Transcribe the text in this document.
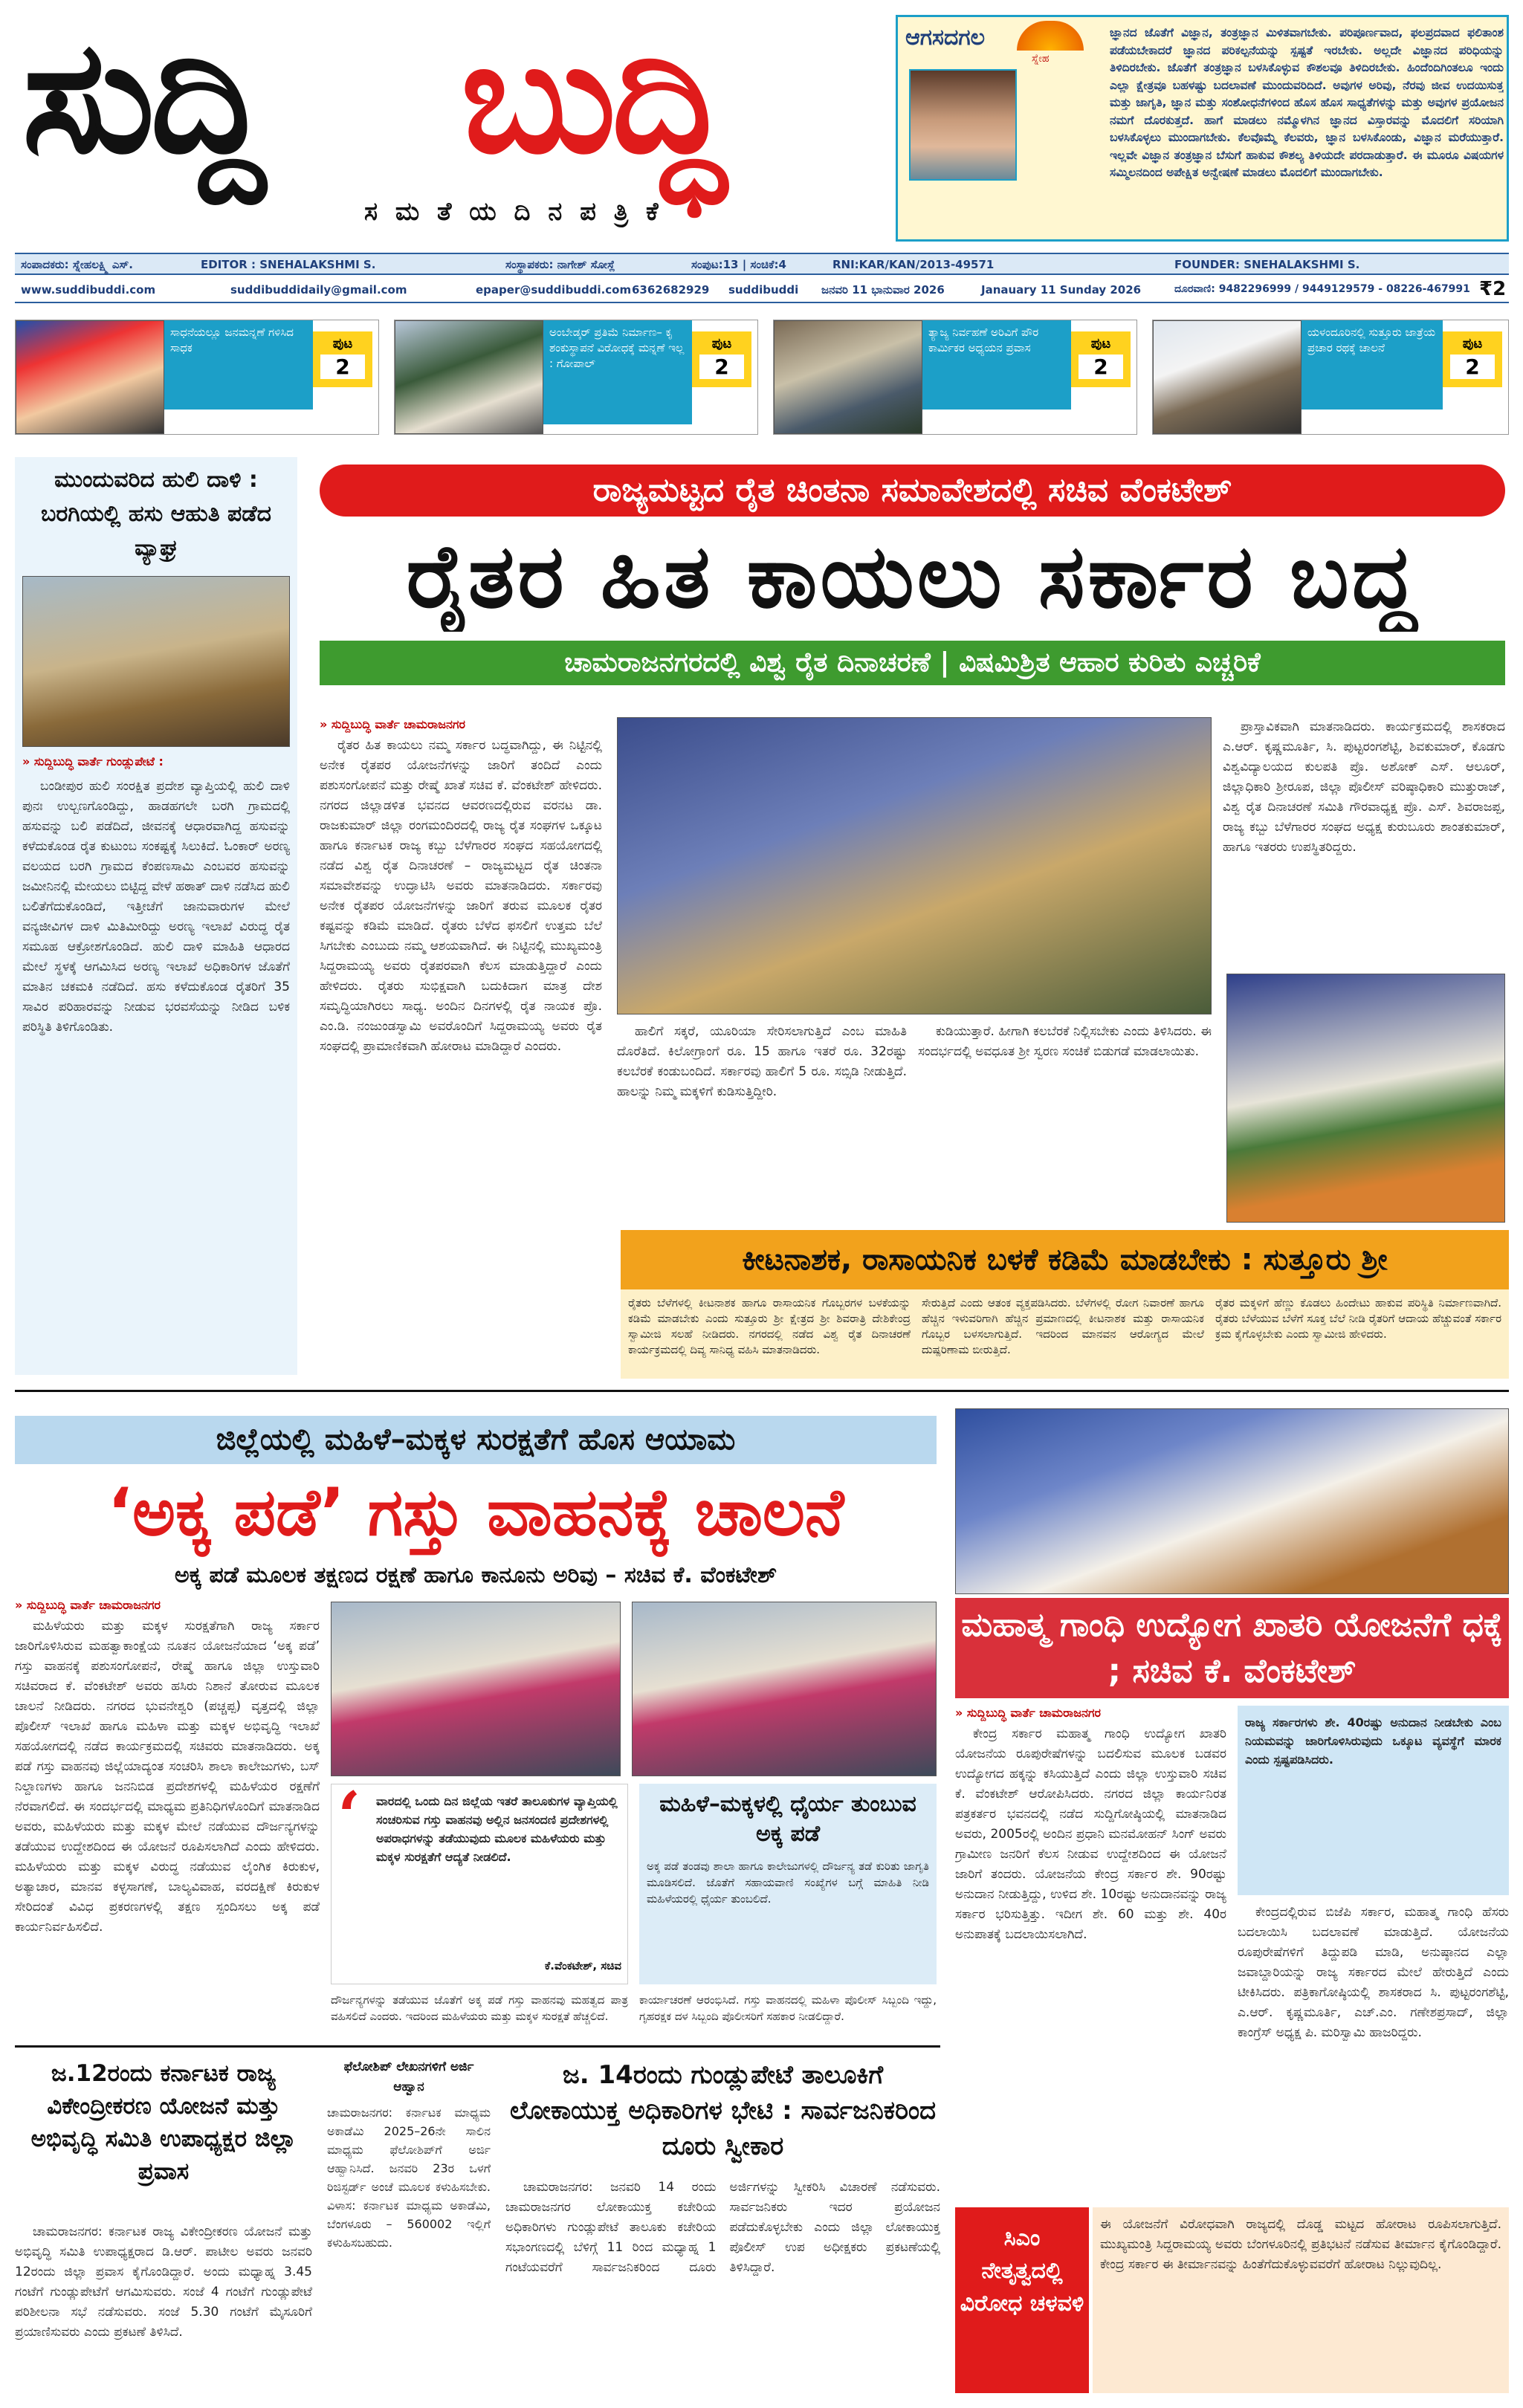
ಸುದ್ದಿ ಬುದ್ಧಿ
ಸ ಮ ತೆ ಯ ದಿ ನ ಪ ತ್ರಿ ಕೆ
ಆಗಸದಗಲ
ಸ್ನೇಹ
ಜ್ಞಾನದ ಜೊತೆಗೆ ವಿಜ್ಞಾನ, ತಂತ್ರಜ್ಞಾನ ಮಿಳಿತವಾಗಬೇಕು. ಪರಿಪೂರ್ಣವಾದ, ಫಲಪ್ರದವಾದ ಫಲಿತಾಂಶ ಪಡೆಯಬೇಕಾದರೆ ಜ್ಞಾನದ ಪರಿಕಲ್ಪನೆಯನ್ನು ಸ್ಪಷ್ಟತೆ ಇರಬೇಕು. ಅಲ್ಲದೇ ವಿಜ್ಞಾನದ ಪರಿಧಿಯನ್ನು ತಿಳಿದಿರಬೇಕು. ಜೊತೆಗೆ ತಂತ್ರಜ್ಞಾನ ಬಳಸಿಕೊಳ್ಳುವ ಕೌಶಲವೂ ತಿಳಿದಿರಬೇಕು. ಹಿಂದೆಂದಿಗಿಂತಲೂ ಇಂದು ಎಲ್ಲಾ ಕ್ಷೇತ್ರವೂ ಬಹಳಷ್ಟು ಬದಲಾವಣೆ ಮುಂದುವರಿದಿದೆ. ಅವುಗಳ ಅರಿವು, ನೆರವು ಜೀವ ಉದಯಿಸುತ್ತ ಮತ್ತು ಜಾಗೃತಿ, ಜ್ಞಾನ ಮತ್ತು ಸಂಶೋಧನೆಗಳಿಂದ ಹೊಸ ಹೊಸ ಸಾಧ್ಯತೆಗಳನ್ನು ಮತ್ತು ಅವುಗಳ ಪ್ರಯೋಜನ ನಮಗೆ ದೊರಕುತ್ತದೆ. ಹಾಗೆ ಮಾಡಲು ನಮ್ಮೊಳಗಿನ ಜ್ಞಾನದ ವಿಸ್ತಾರವನ್ನು ಮೊದಲಿಗೆ ಸರಿಯಾಗಿ ಬಳಸಿಕೊಳ್ಳಲು ಮುಂದಾಗಬೇಕು. ಕೆಲವೊಮ್ಮೆ ಕೆಲವರು, ಜ್ಞಾನ ಬಳಸಿಕೊಂಡು, ವಿಜ್ಞಾನ ಮರೆಯುತ್ತಾರೆ. ಇಲ್ಲವೇ ವಿಜ್ಞಾನ ತಂತ್ರಜ್ಞಾನ ಬೆಸುಗೆ ಹಾಕುವ ಕೌಶಲ್ಯ ತಿಳಿಯದೇ ಪರದಾಡುತ್ತಾರೆ. ಈ ಮೂರೂ ವಿಷಯಗಳ ಸಮ್ಮಿಲನದಿಂದ ಅಪೇಕ್ಷಿತ ಅನ್ವೇಷಣೆ ಮಾಡಲು ಮೊದಲಿಗೆ ಮುಂದಾಗಬೇಕು.
ಸಂಪಾದಕರು: ಸ್ನೇಹಲಕ್ಷ್ಮಿ ಎಸ್.	EDITOR : SNEHALAKSHMI S.	ಸಂಸ್ಥಾಪಕರು: ನಾಗೇಶ್ ಸೋಸ್ಲೆ	ಸಂಪುಟ:13 | ಸಂಚಿಕೆ:4	RNI:KAR/KAN/2013-49571	FOUNDER: SNEHALAKSHMI S.
www.suddibuddi.com	suddibuddidaily@gmail.com	epaper@suddibuddi.com 6362682929 suddibuddi ಜನವರಿ 11 ಭಾನುವಾರ 2026	Janauary 11 Sunday 2026	ದೂರವಾಣಿ: 9482296999 / 9449129579 - 08226-467991 ₹2
ಸಾಧನೆಯಲ್ಲೂ ಜನಮನ್ನಣೆ ಗಳಿಸಿದ ಸಾಧಕ	ಪುಟ
2
ಅಂಬೇಡ್ಕರ್ ಪ್ರತಿಮೆ ನಿರ್ಮಾಣ– ಕೃ ಶಂಕುಸ್ಥಾಪನೆ ವಿರೋಧಕ್ಕೆ ಮನ್ನಣೆ ಇಲ್ಲ : ಗೋಪಾಲ್
ಪುಟ
2
ತ್ಯಾಜ್ಯ ನಿರ್ವಹಣೆ ಅರಿವಿಗೆ ಪೌರ ಕಾರ್ಮಿಕರ ಅಧ್ಯಯನ ಪ್ರವಾಸ	ಪುಟ
2
ಯಳಂದೂರಿನಲ್ಲಿ ಸುತ್ತೂರು ಜಾತ್ರೆಯ ಪ್ರಚಾರ ರಥಕ್ಕೆ ಚಾಲನೆ	ಪುಟ
2
ಮುಂದುವರಿದ ಹುಲಿ ದಾಳಿ : ಬರಗಿಯಲ್ಲಿ ಹಸು ಆಹುತಿ ಪಡೆದ ವ್ಯಾಘ್ರ
» ಸುದ್ದಿಬುದ್ಧಿ ವಾರ್ತೆ ಗುಂಡ್ಲುಪೇಟೆ :
ಬಂಡೀಪುರ ಹುಲಿ ಸಂರಕ್ಷಿತ ಪ್ರದೇಶ ವ್ಯಾಪ್ತಿಯಲ್ಲಿ ಹುಲಿ ದಾಳಿ ಪುನಃ ಉಲ್ಬಣಗೊಂಡಿದ್ದು, ಹಾಡಹಗಲೇ ಬರಗಿ ಗ್ರಾಮದಲ್ಲಿ ಹಸುವನ್ನು ಬಲಿ ಪಡೆದಿದೆ, ಜೀವನಕ್ಕೆ ಆಧಾರವಾಗಿದ್ದ ಹಸುವನ್ನು ಕಳೆದುಕೊಂಡ ರೈತ ಕುಟುಂಬ ಸಂಕಷ್ಟಕ್ಕೆ ಸಿಲುಕಿದೆ. ಓಂಕಾರ್ ಅರಣ್ಯ ವಲಯದ ಬರಗಿ ಗ್ರಾಮದ ಕೆಂಪಣಸಾಮಿ ಎಂಬವರ ಹಸುವನ್ನು ಜಮೀನಿನಲ್ಲಿ ಮೇಯಲು ಬಿಟ್ಟಿದ್ದ ವೇಳೆ ಹಠಾತ್ ದಾಳಿ ನಡೆಸಿದ ಹುಲಿ ಬಲಿತೆಗೆದುಕೊಂಡಿದೆ, ಇತ್ತೀಚೆಗೆ ಜಾನುವಾರುಗಳ ಮೇಲೆ ವನ್ಯಜೀವಿಗಳ ದಾಳಿ ಮಿತಿಮೀರಿದ್ದು ಅರಣ್ಯ ಇಲಾಖೆ ವಿರುದ್ಧ ರೈತ ಸಮೂಹ ಆಕ್ರೋಶಗೊಂಡಿದೆ. ಹುಲಿ ದಾಳಿ ಮಾಹಿತಿ ಆಧಾರದ ಮೇಲೆ ಸ್ಥಳಕ್ಕೆ ಆಗಮಿಸಿದ ಅರಣ್ಯ ಇಲಾಖೆ ಅಧಿಕಾರಿಗಳ ಜೊತೆಗೆ ಮಾತಿನ ಚಕಮಕಿ ನಡೆದಿದೆ. ಹಸು ಕಳೆದುಕೊಂಡ ರೈತರಿಗೆ 35 ಸಾವಿರ ಪರಿಹಾರವನ್ನು ನೀಡುವ ಭರವಸೆಯನ್ನು ನೀಡಿದ ಬಳಿಕ ಪರಿಸ್ಥಿತಿ ತಿಳಿಗೊಂಡಿತು.
ರಾಜ್ಯಮಟ್ಟದ ರೈತ ಚಿಂತನಾ ಸಮಾವೇಶದಲ್ಲಿ ಸಚಿವ ವೆಂಕಟೇಶ್
ರೈತರ ಹಿತ ಕಾಯಲು ಸರ್ಕಾರ ಬದ್ಧ
ಚಾಮರಾಜನಗರದಲ್ಲಿ ವಿಶ್ವ ರೈತ ದಿನಾಚರಣೆ | ವಿಷಮಿಶ್ರಿತ ಆಹಾರ ಕುರಿತು ಎಚ್ಚರಿಕೆ
» ಸುದ್ದಿಬುದ್ಧಿ ವಾರ್ತೆ ಚಾಮರಾಜನಗರ
ರೈತರ ಹಿತ ಕಾಯಲು ನಮ್ಮ ಸರ್ಕಾರ ಬದ್ಧವಾಗಿದ್ದು, ಈ ನಿಟ್ಟಿನಲ್ಲಿ ಅನೇಕ ರೈತಪರ ಯೋಜನೆಗಳನ್ನು ಜಾರಿಗೆ ತಂದಿದೆ ಎಂದು ಪಶುಸಂಗೋಪನೆ ಮತ್ತು ರೇಷ್ಮೆ ಖಾತೆ ಸಚಿವ ಕೆ. ವೆಂಕಟೇಶ್ ಹೇಳಿದರು. ನಗರದ ಜಿಲ್ಲಾಡಳಿತ ಭವನದ ಆವರಣದಲ್ಲಿರುವ ವರನಟ ಡಾ. ರಾಜಕುಮಾರ್ ಜಿಲ್ಲಾ ರಂಗಮಂದಿರದಲ್ಲಿ ರಾಜ್ಯ ರೈತ ಸಂಘಗಳ ಒಕ್ಕೂಟ ಹಾಗೂ ಕರ್ನಾಟಕ ರಾಜ್ಯ ಕಬ್ಬು ಬೆಳೆಗಾರರ ಸಂಘದ ಸಹಯೋಗದಲ್ಲಿ ನಡೆದ ವಿಶ್ವ ರೈತ ದಿನಾಚರಣೆ – ರಾಜ್ಯಮಟ್ಟದ ರೈತ ಚಿಂತನಾ ಸಮಾವೇಶವನ್ನು ಉದ್ಘಾಟಿಸಿ ಅವರು ಮಾತನಾಡಿದರು. ಸರ್ಕಾರವು ಅನೇಕ ರೈತಪರ ಯೋಜನೆಗಳನ್ನು ಜಾರಿಗೆ ತರುವ ಮೂಲಕ ರೈತರ ಕಷ್ಟವನ್ನು ಕಡಿಮೆ ಮಾಡಿದೆ. ರೈತರು ಬೆಳೆದ ಫಸಲಿಗೆ ಉತ್ತಮ ಬೆಲೆ ಸಿಗಬೇಕು ಎಂಬುದು ನಮ್ಮ ಆಶಯವಾಗಿದೆ. ಈ ನಿಟ್ಟಿನಲ್ಲಿ ಮುಖ್ಯಮಂತ್ರಿ ಸಿದ್ದರಾಮಯ್ಯ ಅವರು ರೈತಪರವಾಗಿ ಕೆಲಸ ಮಾಡುತ್ತಿದ್ದಾರೆ ಎಂದು ಹೇಳಿದರು. ರೈತರು ಸುಭಿಕ್ಷವಾಗಿ ಬದುಕಿದಾಗ ಮಾತ್ರ ದೇಶ ಸಮೃದ್ಧಿಯಾಗಿರಲು ಸಾಧ್ಯ. ಅಂದಿನ ದಿನಗಳಲ್ಲಿ ರೈತ ನಾಯಕ ಪ್ರೊ. ಎಂ.ಡಿ. ನಂಜುಂಡಸ್ವಾಮಿ ಅವರೊಂದಿಗೆ ಸಿದ್ದರಾಮಯ್ಯ ಅವರು ರೈತ ಸಂಘದಲ್ಲಿ ಪ್ರಾಮಾಣಿಕವಾಗಿ ಹೋರಾಟ ಮಾಡಿದ್ದಾರೆ ಎಂದರು.
ಹಾಲಿಗೆ ಸಕ್ಕರೆ, ಯೂರಿಯಾ ಸೇರಿಸಲಾಗುತ್ತಿದೆ ಎಂಬ ಮಾಹಿತಿ ದೊರೆತಿದೆ. ಕಿಲೋಗ್ರಾಂಗೆ ರೂ. 15 ಹಾಗೂ ಇತರೆ ರೂ. 32ರಷ್ಟು ಕಲಬೆರಕೆ ಕಂಡುಬಂದಿದೆ. ಸರ್ಕಾರವು ಹಾಲಿಗೆ 5 ರೂ. ಸಬ್ಸಿಡಿ ನೀಡುತ್ತಿದೆ. ಹಾಲನ್ನು ನಿಮ್ಮ ಮಕ್ಕಳಿಗೆ ಕುಡಿಸುತ್ತಿದ್ದೀರಿ.
ಕುಡಿಯುತ್ತಾರೆ. ಹೀಗಾಗಿ ಕಲಬೆರಕೆ ನಿಲ್ಲಿಸಬೇಕು ಎಂದು ತಿಳಿಸಿದರು. ಈ ಸಂದರ್ಭದಲ್ಲಿ ಅವಧೂತ ಶ್ರೀ ಸ್ವರಣ ಸಂಚಿಕೆ ಬಿಡುಗಡೆ ಮಾಡಲಾಯಿತು.
ಪ್ರಾಸ್ತಾವಿಕವಾಗಿ ಮಾತನಾಡಿದರು. ಕಾರ್ಯಕ್ರಮದಲ್ಲಿ ಶಾಸಕರಾದ ಎ.ಆರ್. ಕೃಷ್ಣಮೂರ್ತಿ, ಸಿ. ಪುಟ್ಟರಂಗಶೆಟ್ಟಿ, ಶಿವಕುಮಾರ್, ಕೊಡಗು ವಿಶ್ವವಿದ್ಯಾಲಯದ ಕುಲಪತಿ ಪ್ರೊ. ಅಶೋಕ್ ಎಸ್. ಆಲೂರ್, ಜಿಲ್ಲಾಧಿಕಾರಿ ಶ್ರೀರೂಪ, ಜಿಲ್ಲಾ ಪೊಲೀಸ್ ವರಿಷ್ಠಾಧಿಕಾರಿ ಮುತ್ತುರಾಜ್, ವಿಶ್ವ ರೈತ ದಿನಾಚರಣೆ ಸಮಿತಿ ಗೌರವಾಧ್ಯಕ್ಷ ಪ್ರೊ. ಎಸ್. ಶಿವರಾಜಪ್ಪ, ರಾಜ್ಯ ಕಬ್ಬು ಬೆಳೆಗಾರರ ಸಂಘದ ಅಧ್ಯಕ್ಷ ಕುರುಬೂರು ಶಾಂತಕುಮಾರ್, ಹಾಗೂ ಇತರರು ಉಪಸ್ಥಿತರಿದ್ದರು.
ಕೀಟನಾಶಕ, ರಾಸಾಯನಿಕ ಬಳಕೆ ಕಡಿಮೆ ಮಾಡಬೇಕು : ಸುತ್ತೂರು ಶ್ರೀ
ರೈತರು ಬೆಳೆಗಳಲ್ಲಿ ಕೀಟನಾಶಕ ಹಾಗೂ ರಾಸಾಯನಿಕ ಗೊಬ್ಬರಗಳ ಬಳಕೆಯನ್ನು ಕಡಿಮೆ ಮಾಡಬೇಕು ಎಂದು ಸುತ್ತೂರು ಶ್ರೀ ಕ್ಷೇತ್ರದ ಶ್ರೀ ಶಿವರಾತ್ರಿ ದೇಶಿಕೇಂದ್ರ ಸ್ವಾಮೀಜಿ ಸಲಹೆ ನೀಡಿದರು. ನಗರದಲ್ಲಿ ನಡೆದ ವಿಶ್ವ ರೈತ ದಿನಾಚರಣೆ ಕಾರ್ಯಕ್ರಮದಲ್ಲಿ ದಿವ್ಯ ಸಾನಿಧ್ಯ ವಹಿಸಿ ಮಾತನಾಡಿದರು.
ಸೇರುತ್ತಿದೆ ಎಂದು ಆತಂಕ ವ್ಯಕ್ತಪಡಿಸಿದರು. ಬೆಳೆಗಳಲ್ಲಿ ರೋಗ ನಿವಾರಣೆ ಹಾಗೂ ಹೆಚ್ಚಿನ ಇಳುವರಿಗಾಗಿ ಹೆಚ್ಚಿನ ಪ್ರಮಾಣದಲ್ಲಿ ಕೀಟನಾಶಕ ಮತ್ತು ರಾಸಾಯನಿಕ ಗೊಬ್ಬರ ಬಳಸಲಾಗುತ್ತಿದೆ. ಇದರಿಂದ ಮಾನವನ ಆರೋಗ್ಯದ ಮೇಲೆ ದುಷ್ಪರಿಣಾಮ ಬೀರುತ್ತಿದೆ.
ರೈತರ ಮಕ್ಕಳಿಗೆ ಹೆಣ್ಣು ಕೊಡಲು ಹಿಂದೇಟು ಹಾಕುವ ಪರಿಸ್ಥಿತಿ ನಿರ್ಮಾಣವಾಗಿದೆ. ರೈತರು ಬೆಳೆಯುವ ಬೆಳೆಗೆ ಸೂಕ್ತ ಬೆಲೆ ನೀಡಿ ರೈತರಿಗೆ ಆದಾಯ ಹೆಚ್ಚುವಂತೆ ಸರ್ಕಾರ ಕ್ರಮ ಕೈಗೊಳ್ಳಬೇಕು ಎಂದು ಸ್ವಾಮೀಜಿ ಹೇಳಿದರು.
ಜಿಲ್ಲೆಯಲ್ಲಿ ಮಹಿಳೆ–ಮಕ್ಕಳ ಸುರಕ್ಷತೆಗೆ ಹೊಸ ಆಯಾಮ
‘ಅಕ್ಕ ಪಡೆ’ ಗಸ್ತು ವಾಹನಕ್ಕೆ ಚಾಲನೆ
ಅಕ್ಕ ಪಡೆ ಮೂಲಕ ತಕ್ಷಣದ ರಕ್ಷಣೆ ಹಾಗೂ ಕಾನೂನು ಅರಿವು – ಸಚಿವ ಕೆ. ವೆಂಕಟೇಶ್
» ಸುದ್ದಿಬುದ್ಧಿ ವಾರ್ತೆ ಚಾಮರಾಜನಗರ
ಮಹಿಳೆಯರು ಮತ್ತು ಮಕ್ಕಳ ಸುರಕ್ಷತೆಗಾಗಿ ರಾಜ್ಯ ಸರ್ಕಾರ ಜಾರಿಗೊಳಿಸಿರುವ ಮಹತ್ವಾಕಾಂಕ್ಷೆಯ ನೂತನ ಯೋಜನೆಯಾದ ‘ಅಕ್ಕ ಪಡೆ’ ಗಸ್ತು ವಾಹನಕ್ಕೆ ಪಶುಸಂಗೋಪನೆ, ರೇಷ್ಮೆ ಹಾಗೂ ಜಿಲ್ಲಾ ಉಸ್ತುವಾರಿ ಸಚಿವರಾದ ಕೆ. ವೆಂಕಟೇಶ್ ಅವರು ಹಸಿರು ನಿಶಾನೆ ತೋರುವ ಮೂಲಕ ಚಾಲನೆ ನೀಡಿದರು. ನಗರದ ಭುವನೇಶ್ವರಿ (ಪಚ್ಚಪ್ಪ) ವೃತ್ತದಲ್ಲಿ ಜಿಲ್ಲಾ ಪೊಲೀಸ್ ಇಲಾಖೆ ಹಾಗೂ ಮಹಿಳಾ ಮತ್ತು ಮಕ್ಕಳ ಅಭಿವೃದ್ಧಿ ಇಲಾಖೆ ಸಹಯೋಗದಲ್ಲಿ ನಡೆದ ಕಾರ್ಯಕ್ರಮದಲ್ಲಿ ಸಚಿವರು ಮಾತನಾಡಿದರು. ಅಕ್ಕ ಪಡೆ ಗಸ್ತು ವಾಹನವು ಜಿಲ್ಲೆಯಾದ್ಯಂತ ಸಂಚರಿಸಿ ಶಾಲಾ ಕಾಲೇಜುಗಳು, ಬಸ್ ನಿಲ್ದಾಣಗಳು ಹಾಗೂ ಜನನಿಬಿಡ ಪ್ರದೇಶಗಳಲ್ಲಿ ಮಹಿಳೆಯರ ರಕ್ಷಣೆಗೆ ನೆರವಾಗಲಿದೆ. ಈ ಸಂದರ್ಭದಲ್ಲಿ ಮಾಧ್ಯಮ ಪ್ರತಿನಿಧಿಗಳೊಂದಿಗೆ ಮಾತನಾಡಿದ ಅವರು, ಮಹಿಳೆಯರು ಮತ್ತು ಮಕ್ಕಳ ಮೇಲೆ ನಡೆಯುವ ದೌರ್ಜನ್ಯಗಳನ್ನು ತಡೆಯುವ ಉದ್ದೇಶದಿಂದ ಈ ಯೋಜನೆ ರೂಪಿಸಲಾಗಿದೆ ಎಂದು ಹೇಳಿದರು. ಮಹಿಳೆಯರು ಮತ್ತು ಮಕ್ಕಳ ವಿರುದ್ಧ ನಡೆಯುವ ಲೈಂಗಿಕ ಕಿರುಕುಳ, ಅತ್ಯಾಚಾರ, ಮಾನವ ಕಳ್ಳಸಾಗಣೆ, ಬಾಲ್ಯವಿವಾಹ, ವರದಕ್ಷಿಣೆ ಕಿರುಕುಳ ಸೇರಿದಂತೆ ವಿವಿಧ ಪ್ರಕರಣಗಳಲ್ಲಿ ತಕ್ಷಣ ಸ್ಪಂದಿಸಲು ಅಕ್ಕ ಪಡೆ ಕಾರ್ಯನಿರ್ವಹಿಸಲಿದೆ.
‘ ವಾರದಲ್ಲಿ ಒಂದು ದಿನ ಜಿಲ್ಲೆಯ ಇತರೆ ತಾಲೂಕುಗಳ ವ್ಯಾಪ್ತಿಯಲ್ಲಿ ಸಂಚರಿಸುವ ಗಸ್ತು ವಾಹನವು ಅಲ್ಲಿನ ಜನಸಂದಣಿ ಪ್ರದೇಶಗಳಲ್ಲಿ ಅಪರಾಧಗಳನ್ನು ತಡೆಯುವುದು ಮೂಲಕ ಮಹಿಳೆಯರು ಮತ್ತು ಮಕ್ಕಳ ಸುರಕ್ಷತೆಗೆ ಆದ್ಯತೆ ನೀಡಲಿದೆ.
ಕೆ.ವೆಂಕಟೇಶ್, ಸಚಿವ
ಮಹಿಳೆ–ಮಕ್ಕಳಲ್ಲಿ ಧೈರ್ಯ ತುಂಬುವ ಅಕ್ಕ ಪಡೆ
ಅಕ್ಕ ಪಡೆ ತಂಡವು ಶಾಲಾ ಹಾಗೂ ಕಾಲೇಜುಗಳಲ್ಲಿ ದೌರ್ಜನ್ಯ ತಡೆ ಕುರಿತು ಜಾಗೃತಿ ಮೂಡಿಸಲಿದೆ. ಜೊತೆಗೆ ಸಹಾಯವಾಣಿ ಸಂಖ್ಯೆಗಳ ಬಗ್ಗೆ ಮಾಹಿತಿ ನೀಡಿ ಮಹಿಳೆಯರಲ್ಲಿ ಧೈರ್ಯ ತುಂಬಲಿದೆ.
ದೌರ್ಜನ್ಯಗಳನ್ನು ತಡೆಯುವ ಜೊತೆಗೆ ಅಕ್ಕ ಪಡೆ ಗಸ್ತು ವಾಹನವು ಮಹತ್ವದ ಪಾತ್ರ ವಹಿಸಲಿದೆ ಎಂದರು. ಇದರಿಂದ ಮಹಿಳೆಯರು ಮತ್ತು ಮಕ್ಕಳ ಸುರಕ್ಷತೆ ಹೆಚ್ಚಲಿದೆ.
ಕಾರ್ಯಾಚರಣೆ ಆರಂಭಿಸಿದೆ. ಗಸ್ತು ವಾಹನದಲ್ಲಿ ಮಹಿಳಾ ಪೊಲೀಸ್ ಸಿಬ್ಬಂದಿ ಇದ್ದು, ಗೃಹರಕ್ಷಕ ದಳ ಸಿಬ್ಬಂದಿ ಪೊಲೀಸರಿಗೆ ಸಹಕಾರ ನೀಡಲಿದ್ದಾರೆ.
ಮಹಾತ್ಮ ಗಾಂಧಿ ಉದ್ಯೋಗ ಖಾತರಿ ಯೋಜನೆಗೆ ಧಕ್ಕೆ ; ಸಚಿವ ಕೆ. ವೆಂಕಟೇಶ್
» ಸುದ್ದಿಬುದ್ಧಿ ವಾರ್ತೆ ಚಾಮರಾಜನಗರ
ಕೇಂದ್ರ ಸರ್ಕಾರ ಮಹಾತ್ಮ ಗಾಂಧಿ ಉದ್ಯೋಗ ಖಾತರಿ ಯೋಜನೆಯ ರೂಪುರೇಷೆಗಳನ್ನು ಬದಲಿಸುವ ಮೂಲಕ ಬಡವರ ಉದ್ಯೋಗದ ಹಕ್ಕನ್ನು ಕಸಿಯುತ್ತಿದೆ ಎಂದು ಜಿಲ್ಲಾ ಉಸ್ತುವಾರಿ ಸಚಿವ ಕೆ. ವೆಂಕಟೇಶ್ ಆರೋಪಿಸಿದರು. ನಗರದ ಜಿಲ್ಲಾ ಕಾರ್ಯನಿರತ ಪತ್ರಕರ್ತರ ಭವನದಲ್ಲಿ ನಡೆದ ಸುದ್ದಿಗೋಷ್ಠಿಯಲ್ಲಿ ಮಾತನಾಡಿದ ಅವರು, 2005ರಲ್ಲಿ ಅಂದಿನ ಪ್ರಧಾನಿ ಮನಮೋಹನ್ ಸಿಂಗ್ ಅವರು ಗ್ರಾಮೀಣ ಜನರಿಗೆ ಕೆಲಸ ನೀಡುವ ಉದ್ದೇಶದಿಂದ ಈ ಯೋಜನೆ ಜಾರಿಗೆ ತಂದರು. ಯೋಜನೆಯ ಕೇಂದ್ರ ಸರ್ಕಾರ ಶೇ. 90ರಷ್ಟು ಅನುದಾನ ನೀಡುತ್ತಿದ್ದು, ಉಳಿದ ಶೇ. 10ರಷ್ಟು ಅನುದಾನವನ್ನು ರಾಜ್ಯ ಸರ್ಕಾರ ಭರಿಸುತ್ತಿತ್ತು. ಇದೀಗ ಶೇ. 60 ಮತ್ತು ಶೇ. 40ರ ಅನುಪಾತಕ್ಕೆ ಬದಲಾಯಿಸಲಾಗಿದೆ.
ರಾಜ್ಯ ಸರ್ಕಾರಗಳು ಶೇ. 40ರಷ್ಟು ಅನುದಾನ ನೀಡಬೇಕು ಎಂಬ ನಿಯಮವನ್ನು ಜಾರಿಗೊಳಿಸಿರುವುದು ಒಕ್ಕೂಟ ವ್ಯವಸ್ಥೆಗೆ ಮಾರಕ ಎಂದು ಸ್ಪಷ್ಟಪಡಿಸಿದರು.
ಕೇಂದ್ರದಲ್ಲಿರುವ ಬಿಜೆಪಿ ಸರ್ಕಾರ, ಮಹಾತ್ಮ ಗಾಂಧಿ ಹೆಸರು ಬದಲಾಯಿಸಿ ಬದಲಾವಣೆ ಮಾಡುತ್ತಿದೆ. ಯೋಜನೆಯ ರೂಪುರೇಷೆಗಳಿಗೆ ತಿದ್ದುಪಡಿ ಮಾಡಿ, ಅನುಷ್ಠಾನದ ಎಲ್ಲಾ ಜವಾಬ್ದಾರಿಯನ್ನು ರಾಜ್ಯ ಸರ್ಕಾರದ ಮೇಲೆ ಹೇರುತ್ತಿದೆ ಎಂದು ಟೀಕಿಸಿದರು. ಪತ್ರಿಕಾಗೋಷ್ಠಿಯಲ್ಲಿ ಶಾಸಕರಾದ ಸಿ. ಪುಟ್ಟರಂಗಶೆಟ್ಟಿ, ಎ.ಆರ್. ಕೃಷ್ಣಮೂರ್ತಿ, ಎಚ್.ಎಂ. ಗಣೇಶಪ್ರಸಾದ್, ಜಿಲ್ಲಾ ಕಾಂಗ್ರೆಸ್ ಅಧ್ಯಕ್ಷ ಪಿ. ಮರಿಸ್ವಾಮಿ ಹಾಜರಿದ್ದರು.
ಸಿಎಂ ನೇತೃತ್ವದಲ್ಲಿ ವಿರೋಧ ಚಳವಳಿ
ಈ ಯೋಜನೆಗೆ ವಿರೋಧವಾಗಿ ರಾಜ್ಯದಲ್ಲಿ ದೊಡ್ಡ ಮಟ್ಟದ ಹೋರಾಟ ರೂಪಿಸಲಾಗುತ್ತಿದೆ. ಮುಖ್ಯಮಂತ್ರಿ ಸಿದ್ದರಾಮಯ್ಯ ಅವರು ಬೆಂಗಳೂರಿನಲ್ಲಿ ಪ್ರತಿಭಟನೆ ನಡೆಸುವ ತೀರ್ಮಾನ ಕೈಗೊಂಡಿದ್ದಾರೆ. ಕೇಂದ್ರ ಸರ್ಕಾರ ಈ ತೀರ್ಮಾನವನ್ನು ಹಿಂತೆಗೆದುಕೊಳ್ಳುವವರೆಗೆ ಹೋರಾಟ ನಿಲ್ಲುವುದಿಲ್ಲ.
ಜ.12ರಂದು ಕರ್ನಾಟಕ ರಾಜ್ಯ ವಿಕೇಂದ್ರೀಕರಣ ಯೋಜನೆ ಮತ್ತು ಅಭಿವೃದ್ಧಿ ಸಮಿತಿ ಉಪಾಧ್ಯಕ್ಷರ ಜಿಲ್ಲಾ ಪ್ರವಾಸ
ಚಾಮರಾಜನಗರ: ಕರ್ನಾಟಕ ರಾಜ್ಯ ವಿಕೇಂದ್ರೀಕರಣ ಯೋಜನೆ ಮತ್ತು ಅಭಿವೃದ್ಧಿ ಸಮಿತಿ ಉಪಾಧ್ಯಕ್ಷರಾದ ಡಿ.ಆರ್. ಪಾಟೀಲ ಅವರು ಜನವರಿ 12ರಂದು ಜಿಲ್ಲಾ ಪ್ರವಾಸ ಕೈಗೊಂಡಿದ್ದಾರೆ. ಅಂದು ಮಧ್ಯಾಹ್ನ 3.45 ಗಂಟೆಗೆ ಗುಂಡ್ಲುಪೇಟೆಗೆ ಆಗಮಿಸುವರು. ಸಂಜೆ 4 ಗಂಟೆಗೆ ಗುಂಡ್ಲುಪೇಟೆ ಪರಿಶೀಲನಾ ಸಭೆ ನಡೆಸುವರು. ಸಂಜೆ 5.30 ಗಂಟೆಗೆ ಮೈಸೂರಿಗೆ ಪ್ರಯಾಣಿಸುವರು ಎಂದು ಪ್ರಕಟಣೆ ತಿಳಿಸಿದೆ.
ಫೆಲೋಶಿಪ್ ಲೇಖನಗಳಿಗೆ ಅರ್ಜಿ ಆಹ್ವಾನ
ಚಾಮರಾಜನಗರ: ಕರ್ನಾಟಕ ಮಾಧ್ಯಮ ಅಕಾಡೆಮಿ 2025–26ನೇ ಸಾಲಿನ ಮಾಧ್ಯಮ ಫೆಲೋಶಿಪ್‌ಗೆ ಅರ್ಜಿ ಆಹ್ವಾನಿಸಿದೆ. ಜನವರಿ 23ರ ಒಳಗೆ ರಿಜಿಸ್ಟರ್ಡ್ ಅಂಚೆ ಮೂಲಕ ಕಳುಹಿಸಬೇಕು. ವಿಳಾಸ: ಕರ್ನಾಟಕ ಮಾಧ್ಯಮ ಅಕಾಡೆಮಿ, ಬೆಂಗಳೂರು – 560002 ಇಲ್ಲಿಗೆ ಕಳುಹಿಸಬಹುದು.
ಜ. 14ರಂದು ಗುಂಡ್ಲುಪೇಟೆ ತಾಲೂಕಿಗೆ ಲೋಕಾಯುಕ್ತ ಅಧಿಕಾರಿಗಳ ಭೇಟಿ : ಸಾರ್ವಜನಿಕರಿಂದ ದೂರು ಸ್ವೀಕಾರ
ಚಾಮರಾಜನಗರ: ಜನವರಿ 14 ರಂದು ಚಾಮರಾಜನಗರ ಲೋಕಾಯುಕ್ತ ಕಚೇರಿಯ ಅಧಿಕಾರಿಗಳು ಗುಂಡ್ಲುಪೇಟೆ ತಾಲೂಕು ಕಚೇರಿಯ ಸಭಾಂಗಣದಲ್ಲಿ ಬೆಳಿಗ್ಗೆ 11 ರಿಂದ ಮಧ್ಯಾಹ್ನ 1 ಗಂಟೆಯವರೆಗೆ ಸಾರ್ವಜನಿಕರಿಂದ ದೂರು ಅರ್ಜಿಗಳನ್ನು ಸ್ವೀಕರಿಸಿ ವಿಚಾರಣೆ ನಡೆಸುವರು. ಸಾರ್ವಜನಿಕರು ಇದರ ಪ್ರಯೋಜನ ಪಡೆದುಕೊಳ್ಳಬೇಕು ಎಂದು ಜಿಲ್ಲಾ ಲೋಕಾಯುಕ್ತ ಪೊಲೀಸ್ ಉಪ ಅಧೀಕ್ಷಕರು ಪ್ರಕಟಣೆಯಲ್ಲಿ ತಿಳಿಸಿದ್ದಾರೆ.
